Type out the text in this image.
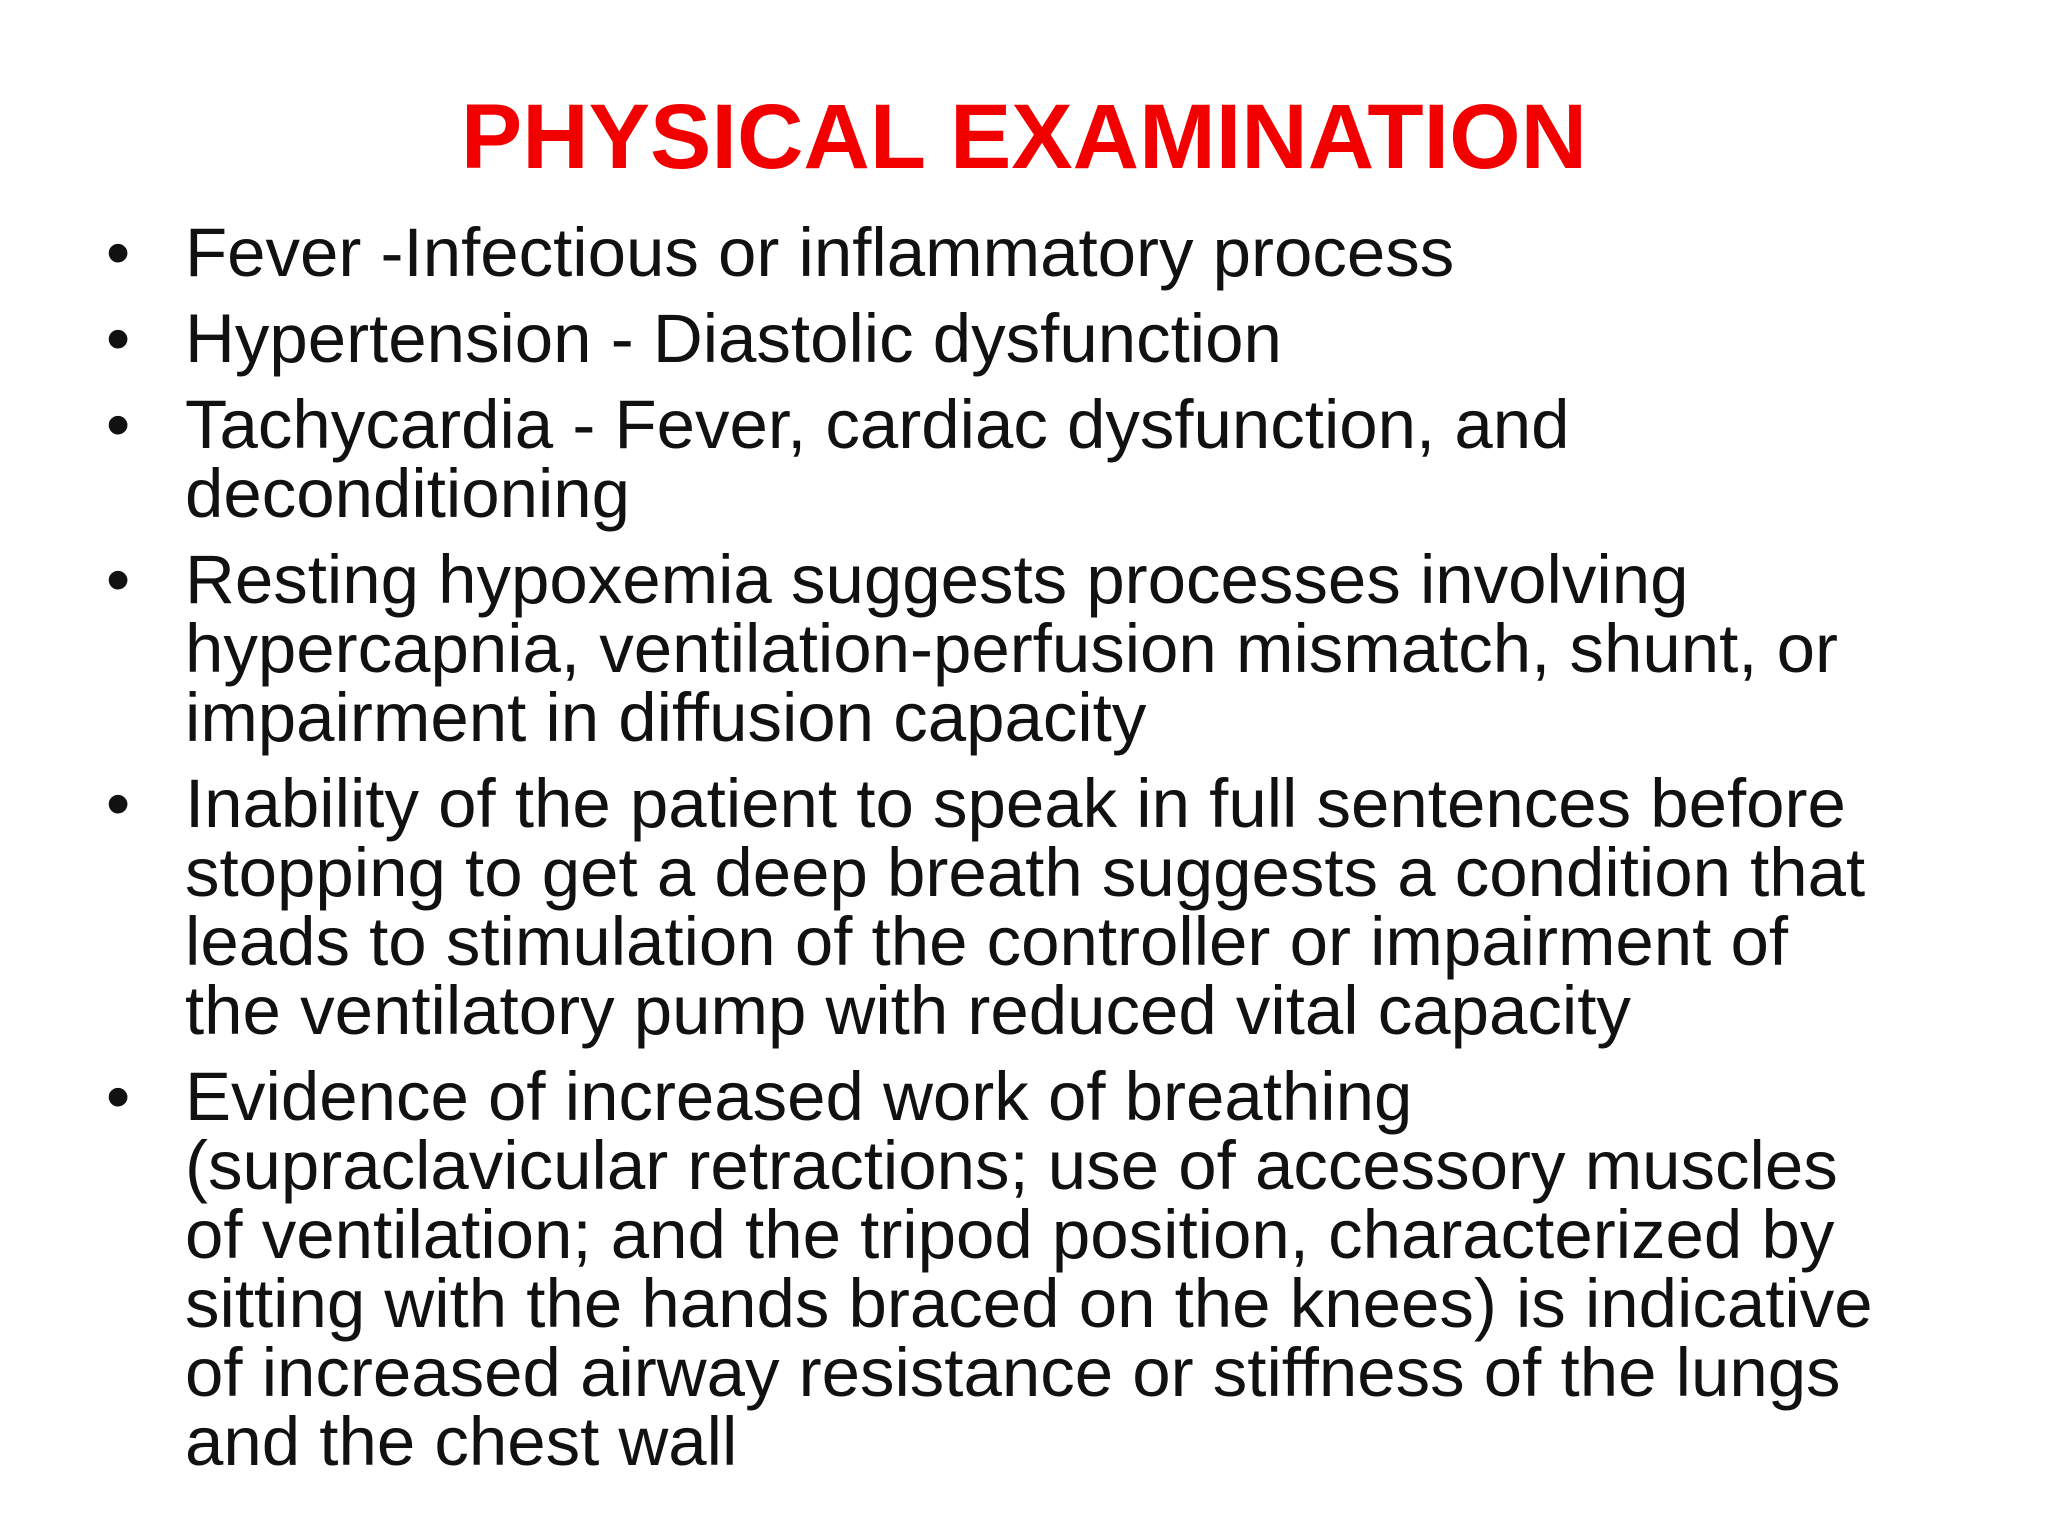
PHYSICAL EXAMINATION
• Fever -Infectious or inflammatory process
• Hypertension - Diastolic dysfunction
• Tachycardia - Fever, cardiac dysfunction, and
deconditioning
• Resting hypoxemia suggests processes involving
hypercapnia, ventilation-perfusion mismatch, shunt, or
impairment in diffusion capacity
• Inability of the patient to speak in full sentences before
stopping to get a deep breath suggests a condition that
leads to stimulation of the controller or impairment of
the ventilatory pump with reduced vital capacity
• Evidence of increased work of breathing
(supraclavicular retractions; use of accessory muscles
of ventilation; and the tripod position, characterized by
sitting with the hands braced on the knees) is indicative
of increased airway resistance or stiffness of the lungs
and the chest wall
